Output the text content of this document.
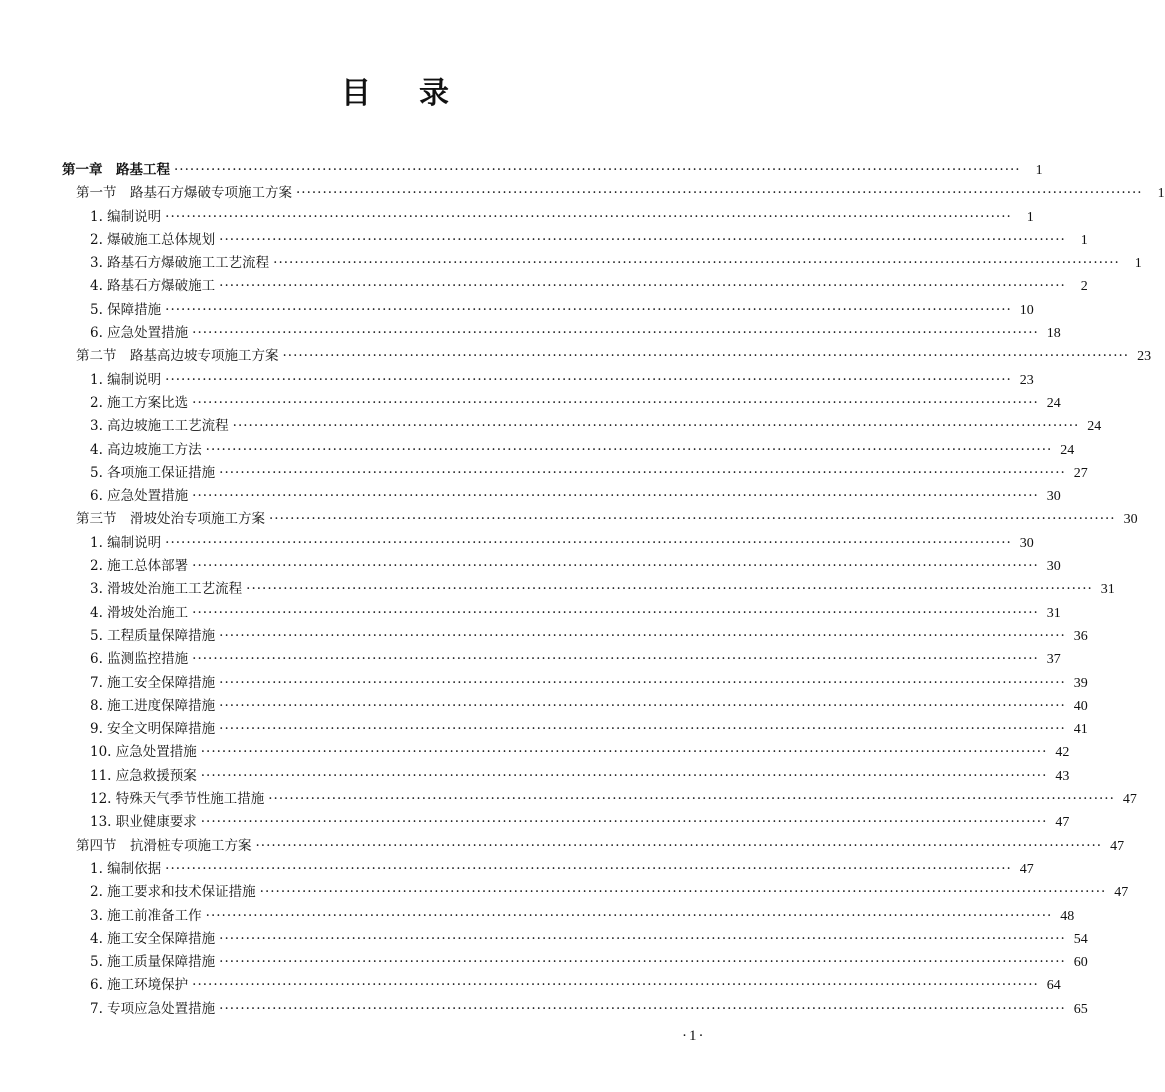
目 录
第一章　路基工程 ································································································································································	1
第一节　路基石方爆破专项施工方案 ································································································································································	1
1. 编制说明 ································································································································································	1
2. 爆破施工总体规划 ································································································································································	1
3. 路基石方爆破施工工艺流程 ································································································································································	1
4. 路基石方爆破施工 ································································································································································	2
5. 保障措施 ································································································································································ 10
6. 应急处置措施 ································································································································································ 18
第二节　路基高边坡专项施工方案 ································································································································································ 23
1. 编制说明 ································································································································································ 23
2. 施工方案比选 ································································································································································ 24
3. 高边坡施工工艺流程 ································································································································································ 24
4. 高边坡施工方法 ································································································································································ 24
5. 各项施工保证措施 ································································································································································ 27
6. 应急处置措施 ································································································································································ 30
第三节　滑坡处治专项施工方案 ································································································································································ 30
1. 编制说明 ································································································································································ 30
2. 施工总体部署 ································································································································································ 30
3. 滑坡处治施工工艺流程 ································································································································································ 31
4. 滑坡处治施工 ································································································································································ 31
5. 工程质量保障措施 ································································································································································ 36
6. 监测监控措施 ································································································································································ 37
7. 施工安全保障措施 ································································································································································ 39
8. 施工进度保障措施 ································································································································································ 40
9. 安全文明保障措施 ································································································································································ 41
10. 应急处置措施 ································································································································································ 42
11. 应急救援预案 ································································································································································ 43
12. 特殊天气季节性施工措施 ································································································································································ 47
13. 职业健康要求 ································································································································································ 47
第四节　抗滑桩专项施工方案 ································································································································································ 47
1. 编制依据 ································································································································································ 47
2. 施工要求和技术保证措施 ································································································································································ 47
3. 施工前准备工作 ································································································································································ 48
4. 施工安全保障措施 ································································································································································ 54
5. 施工质量保障措施 ································································································································································ 60
6. 施工环境保护 ································································································································································ 64
7. 专项应急处置措施 ································································································································································ 65
·1·
